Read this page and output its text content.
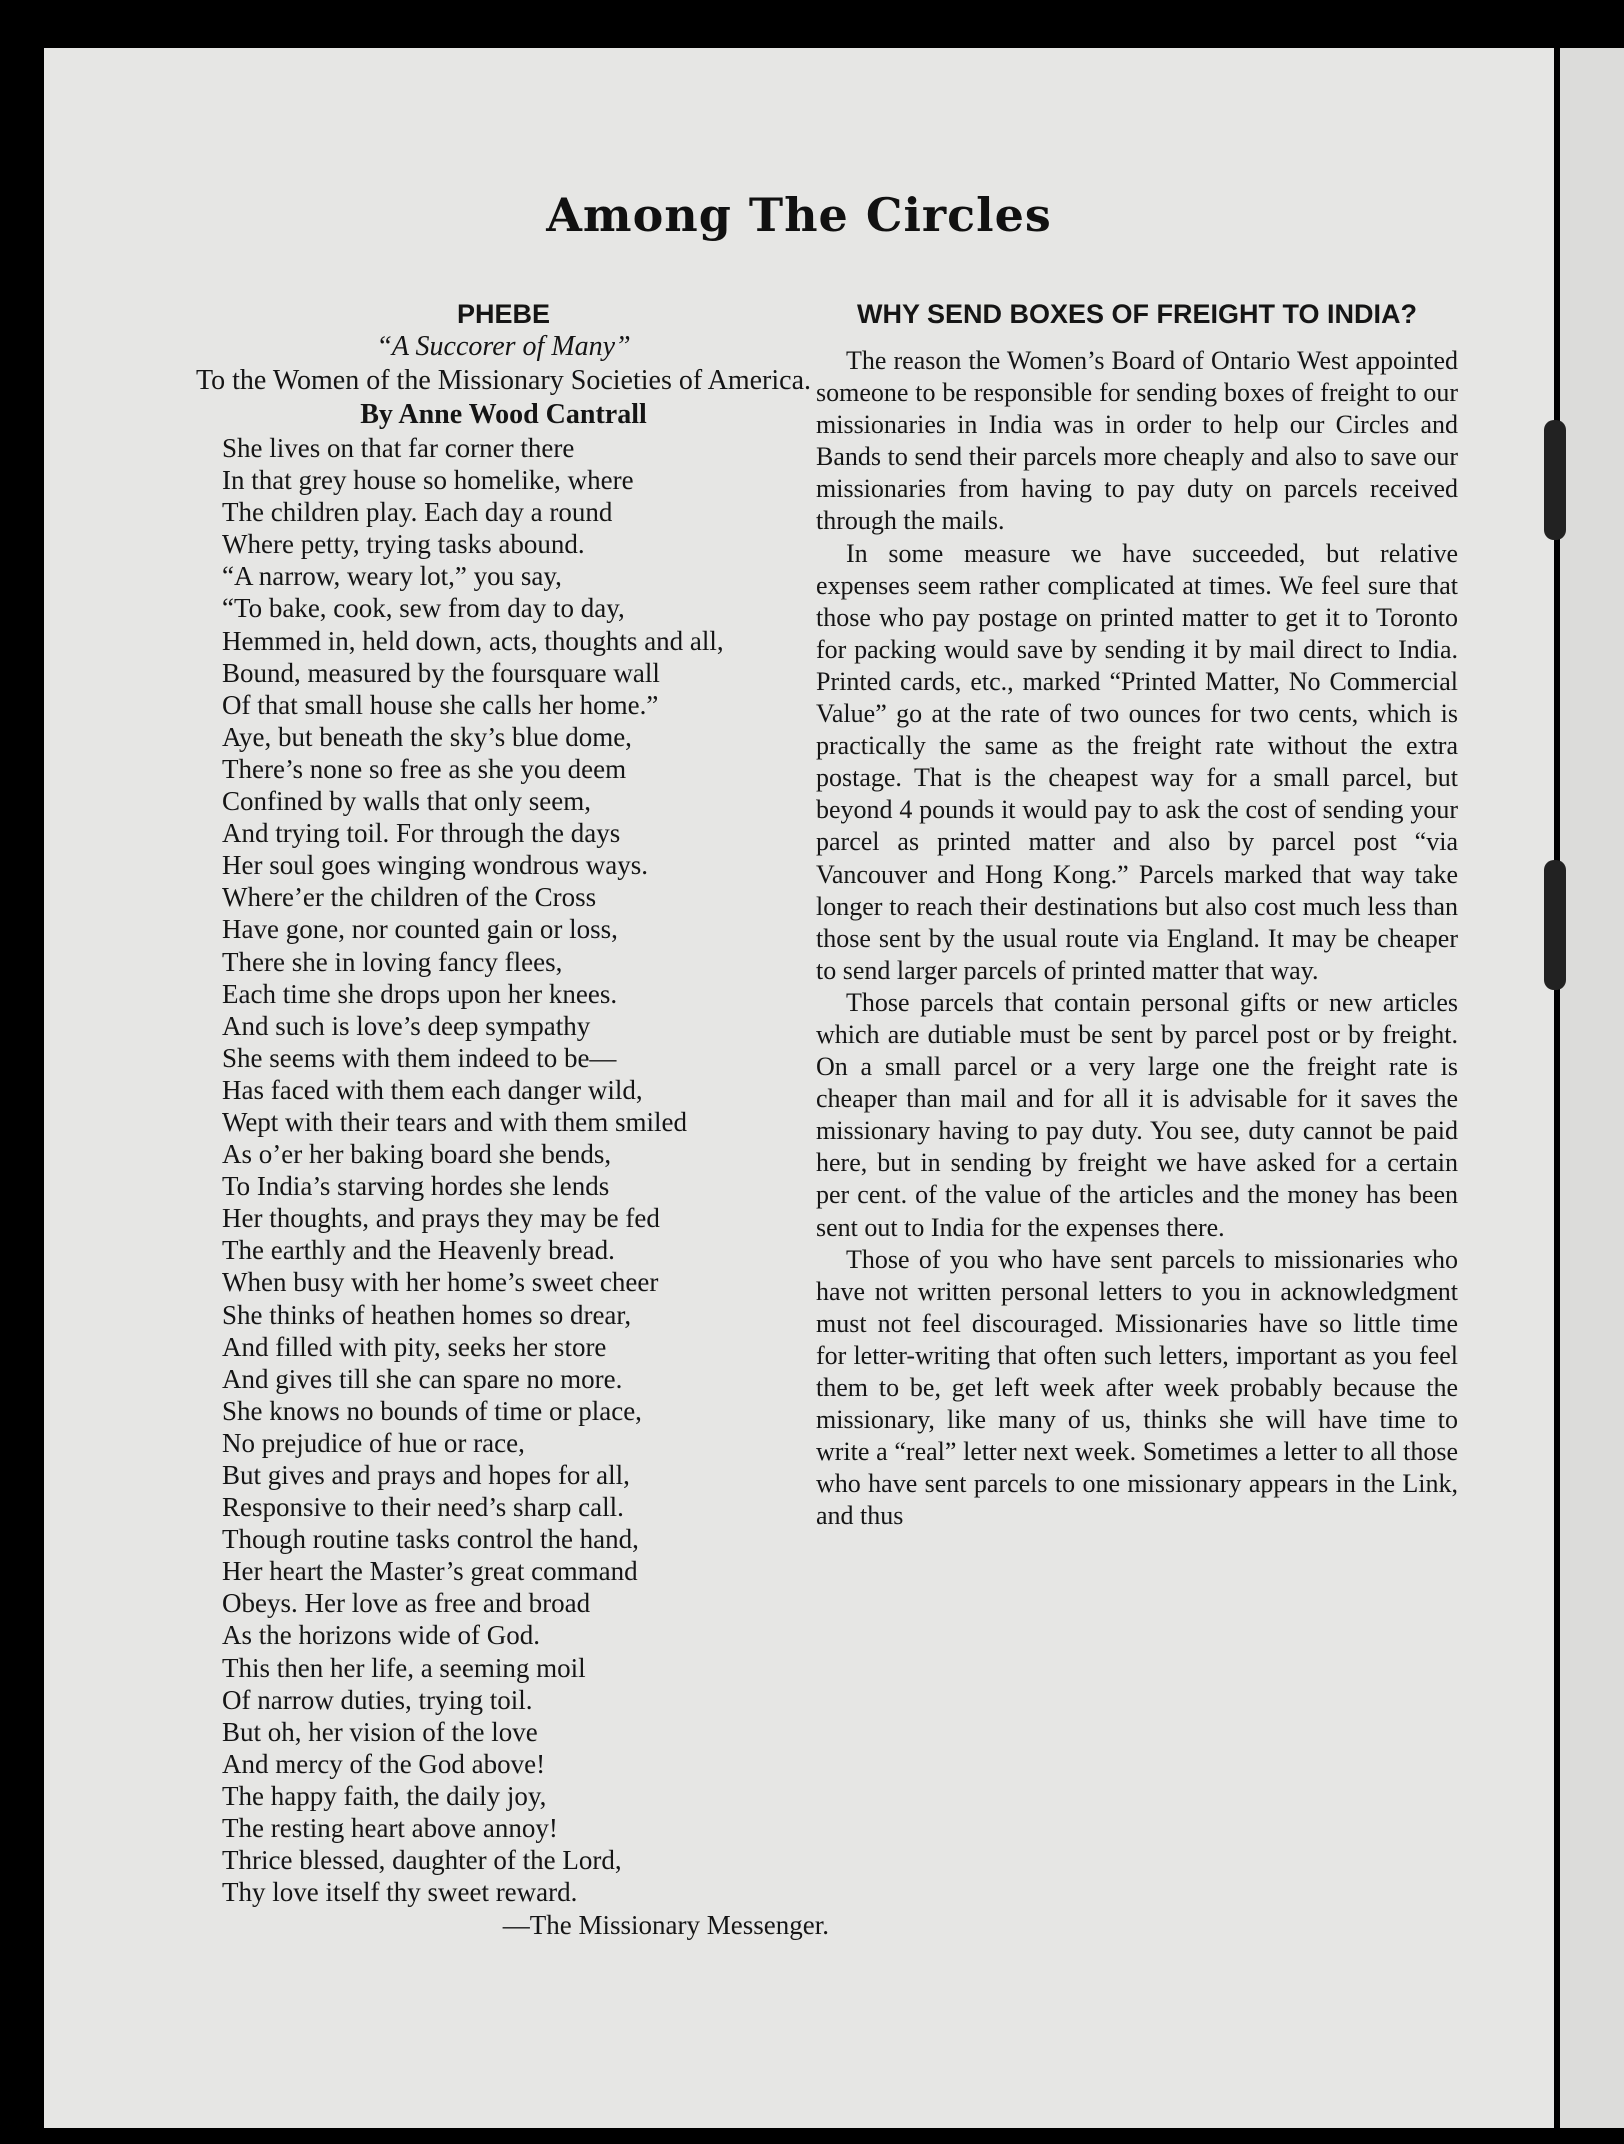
Among The Circles
PHEBE
“A Succorer of Many”
To the Women of the Missionary Societies of America.
By Anne Wood Cantrall
She lives on that far corner there
In that grey house so homelike, where
The children play. Each day a round
Where petty, trying tasks abound.
“A narrow, weary lot,” you say,
“To bake, cook, sew from day to day,
Hemmed in, held down, acts, thoughts and all,
Bound, measured by the foursquare wall
Of that small house she calls her home.”
Aye, but beneath the sky’s blue dome,
There’s none so free as she you deem
Confined by walls that only seem,
And trying toil. For through the days
Her soul goes winging wondrous ways.
Where’er the children of the Cross
Have gone, nor counted gain or loss,
There she in loving fancy flees,
Each time she drops upon her knees.
And such is love’s deep sympathy
She seems with them indeed to be—
Has faced with them each danger wild,
Wept with their tears and with them smiled
As o’er her baking board she bends,
To India’s starving hordes she lends
Her thoughts, and prays they may be fed
The earthly and the Heavenly bread.
When busy with her home’s sweet cheer
She thinks of heathen homes so drear,
And filled with pity, seeks her store
And gives till she can spare no more.
She knows no bounds of time or place,
No prejudice of hue or race,
But gives and prays and hopes for all,
Responsive to their need’s sharp call.
Though routine tasks control the hand,
Her heart the Master’s great command
Obeys. Her love as free and broad
As the horizons wide of God.
This then her life, a seeming moil
Of narrow duties, trying toil.
But oh, her vision of the love
And mercy of the God above!
The happy faith, the daily joy,
The resting heart above annoy!
Thrice blessed, daughter of the Lord,
Thy love itself thy sweet reward.
—The Missionary Messenger.
WHY SEND BOXES OF FREIGHT TO INDIA?

The reason the Women’s Board of Ontario West appointed someone to be responsible for sending boxes of freight to our missionaries in India was in order to help our Circles and Bands to send their parcels more cheaply and also to save our missionaries from having to pay duty on parcels received through the mails.

In some measure we have succeeded, but relative expenses seem rather complicated at times. We feel sure that those who pay postage on printed matter to get it to Toronto for packing would save by sending it by mail direct to India. Printed cards, etc., marked “Printed Matter, No Commercial Value” go at the rate of two ounces for two cents, which is practically the same as the freight rate without the extra postage. That is the cheapest way for a small parcel, but beyond 4 pounds it would pay to ask the cost of sending your parcel as printed matter and also by parcel post “via Vancouver and Hong Kong.” Parcels marked that way take longer to reach their destinations but also cost much less than those sent by the usual route via England. It may be cheaper to send larger parcels of printed matter that way.

Those parcels that contain personal gifts or new articles which are dutiable must be sent by parcel post or by freight. On a small parcel or a very large one the freight rate is cheaper than mail and for all it is advisable for it saves the missionary having to pay duty. You see, duty cannot be paid here, but in sending by freight we have asked for a certain per cent. of the value of the articles and the money has been sent out to India for the expenses there.

Those of you who have sent parcels to missionaries who have not written personal letters to you in acknowledgment must not feel discouraged. Missionaries have so little time for letter-writing that often such letters, important as you feel them to be, get left week after week probably because the missionary, like many of us, thinks she will have time to write a “real” letter next week. Sometimes a letter to all those who have sent parcels to one missionary appears in the Link, and thus
